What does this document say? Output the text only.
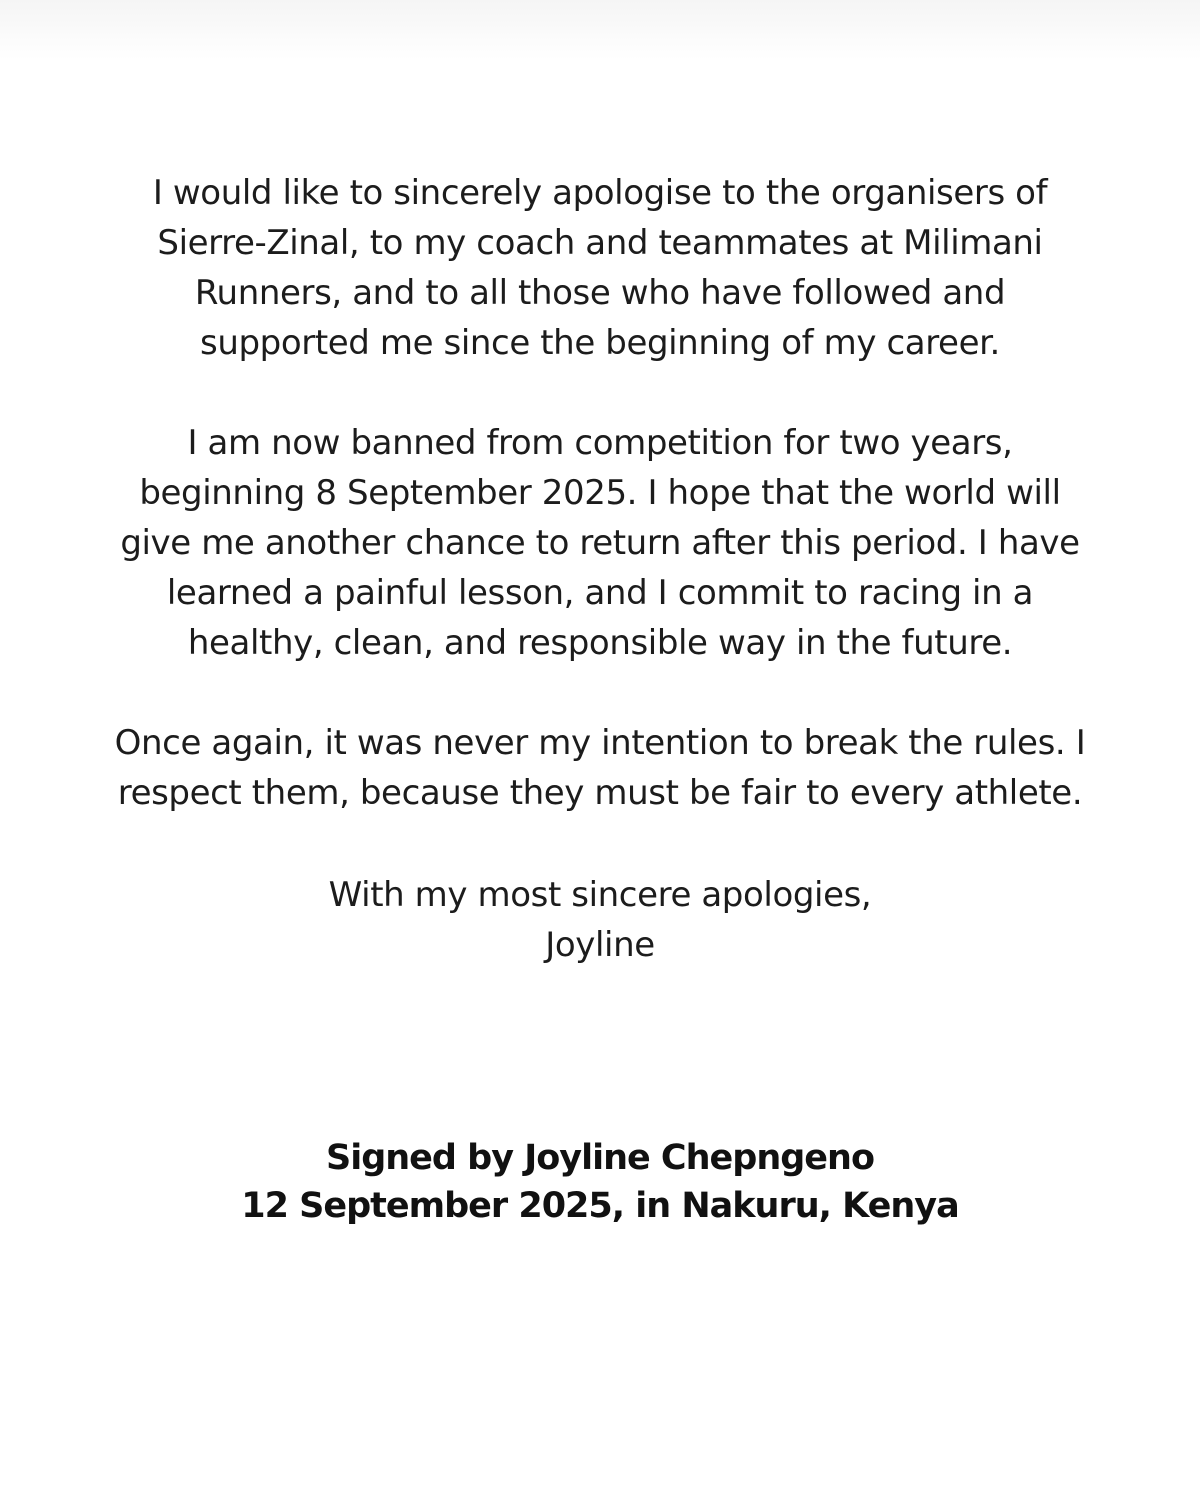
I would like to sincerely apologise to the organisers of
Sierre-Zinal, to my coach and teammates at Milimani
Runners, and to all those who have followed and
supported me since the beginning of my career.

I am now banned from competition for two years,
beginning 8 September 2025. I hope that the world will
give me another chance to return after this period. I have
learned a painful lesson, and I commit to racing in a
healthy, clean, and responsible way in the future.

Once again, it was never my intention to break the rules. I
respect them, because they must be fair to every athlete.

With my most sincere apologies,
Joyline

Signed by Joyline Chepngeno
12 September 2025, in Nakuru, Kenya
